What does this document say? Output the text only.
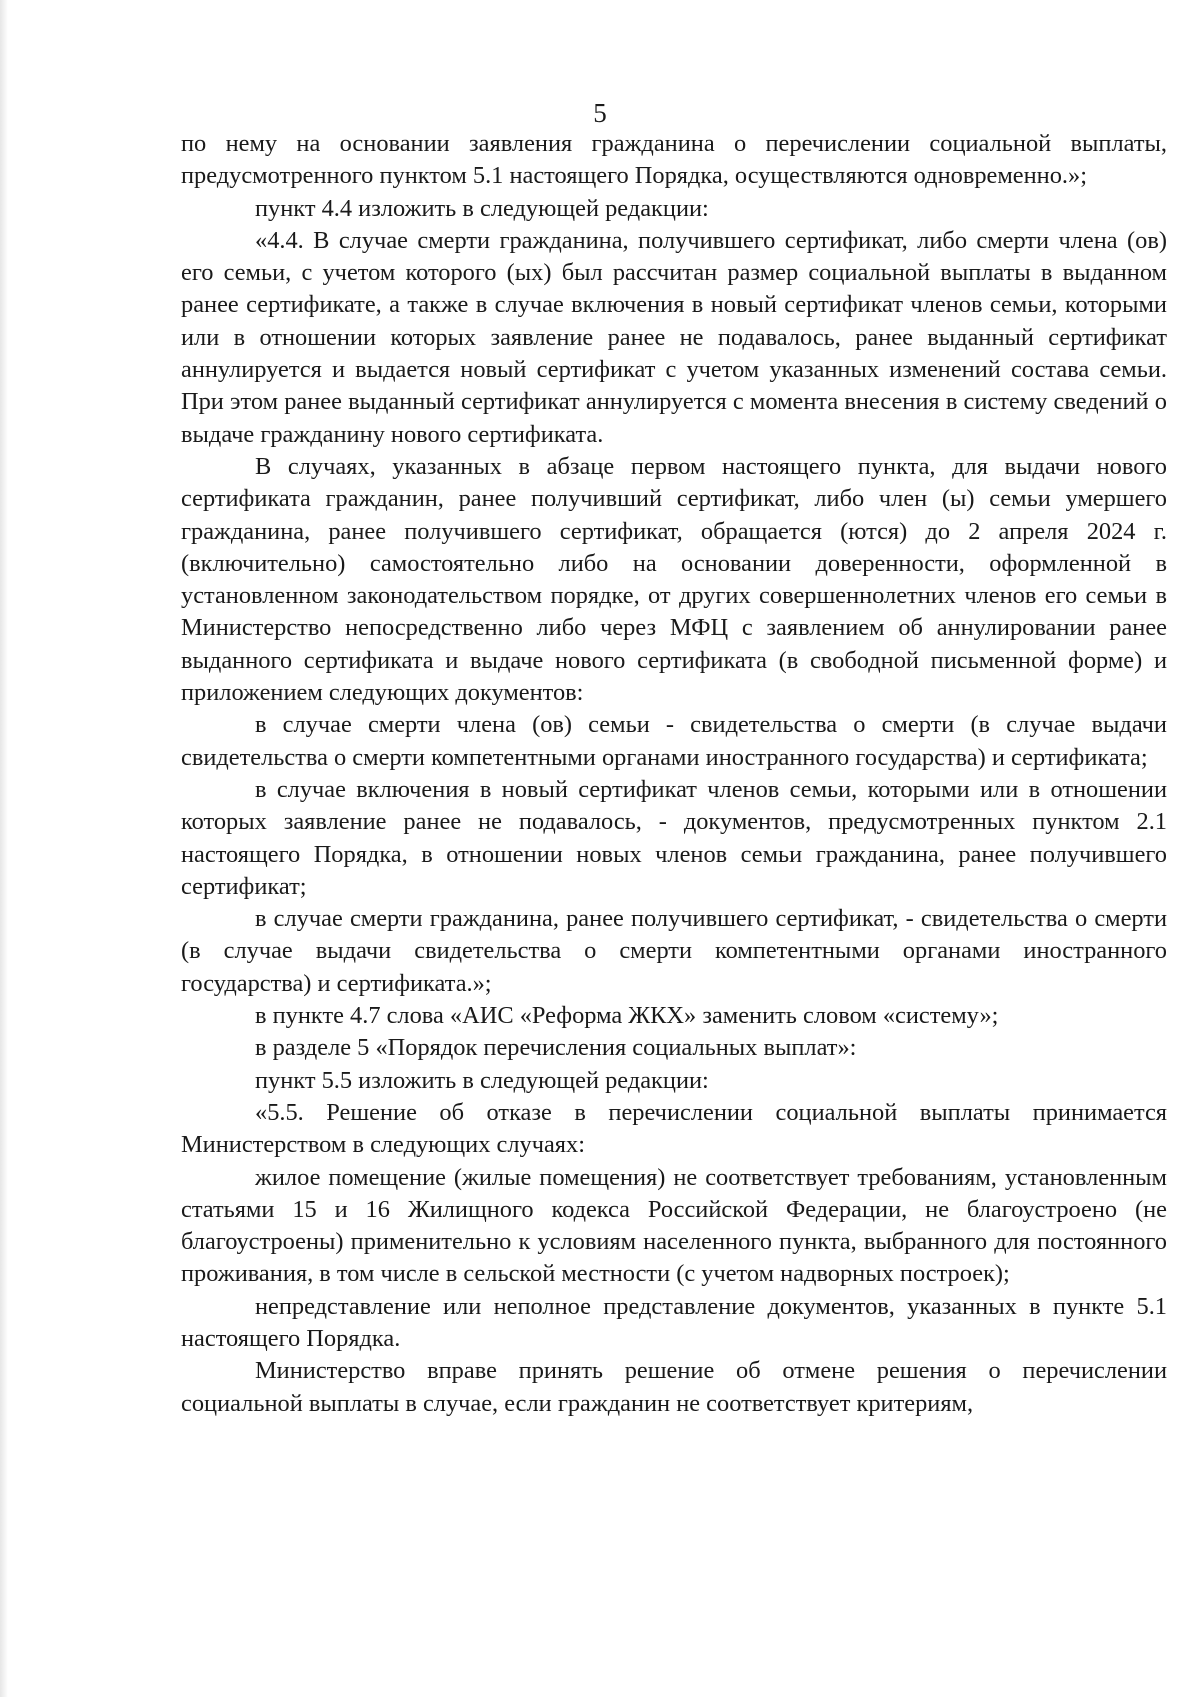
5

по нему на основании заявления гражданина о перечислении социальной выплаты, предусмотренного пунктом 5.1 настоящего Порядка, осуществляются одновременно.»;

пункт 4.4 изложить в следующей редакции:

«4.4. В случае смерти гражданина, получившего сертификат, либо смерти члена (ов) его семьи, с учетом которого (ых) был рассчитан размер социальной выплаты в выданном ранее сертификате, а также в случае включения в новый сертификат членов семьи, которыми или в отношении которых заявление ранее не подавалось, ранее выданный сертификат аннулируется и выдается новый сертификат с учетом указанных изменений состава семьи. При этом ранее выданный сертификат аннулируется с момента внесения в систему сведений о выдаче гражданину нового сертификата.

В случаях, указанных в абзаце первом настоящего пункта, для выдачи нового сертификата гражданин, ранее получивший сертификат, либо член (ы) семьи умершего гражданина, ранее получившего сертификат, обращается (ются) до 2 апреля 2024 г. (включительно) самостоятельно либо на основании доверенности, оформленной в установленном законодательством порядке, от других совершеннолетних членов его семьи в Министерство непосредственно либо через МФЦ с заявлением об аннулировании ранее выданного сертификата и выдаче нового сертификата (в свободной письменной форме) и приложением следующих документов:

в случае смерти члена (ов) семьи - свидетельства о смерти (в случае выдачи свидетельства о смерти компетентными органами иностранного государства) и сертификата;

в случае включения в новый сертификат членов семьи, которыми или в отношении которых заявление ранее не подавалось, - документов, предусмотренных пунктом 2.1 настоящего Порядка, в отношении новых членов семьи гражданина, ранее получившего сертификат;

в случае смерти гражданина, ранее получившего сертификат, - свидетельства о смерти (в случае выдачи свидетельства о смерти компетентными органами иностранного государства) и сертификата.»;

в пункте 4.7 слова «АИС «Реформа ЖКХ» заменить словом «систему»;

в разделе 5 «Порядок перечисления социальных выплат»:

пункт 5.5 изложить в следующей редакции:

«5.5. Решение об отказе в перечислении социальной выплаты принимается Министерством в следующих случаях:

жилое помещение (жилые помещения) не соответствует требованиям, установленным статьями 15 и 16 Жилищного кодекса Российской Федерации, не благоустроено (не благоустроены) применительно к условиям населенного пункта, выбранного для постоянного проживания, в том числе в сельской местности (с учетом надворных построек);

непредставление или неполное представление документов, указанных в пункте 5.1 настоящего Порядка.

Министерство вправе принять решение об отмене решения о перечислении социальной выплаты в случае, если гражданин не соответствует критериям,
